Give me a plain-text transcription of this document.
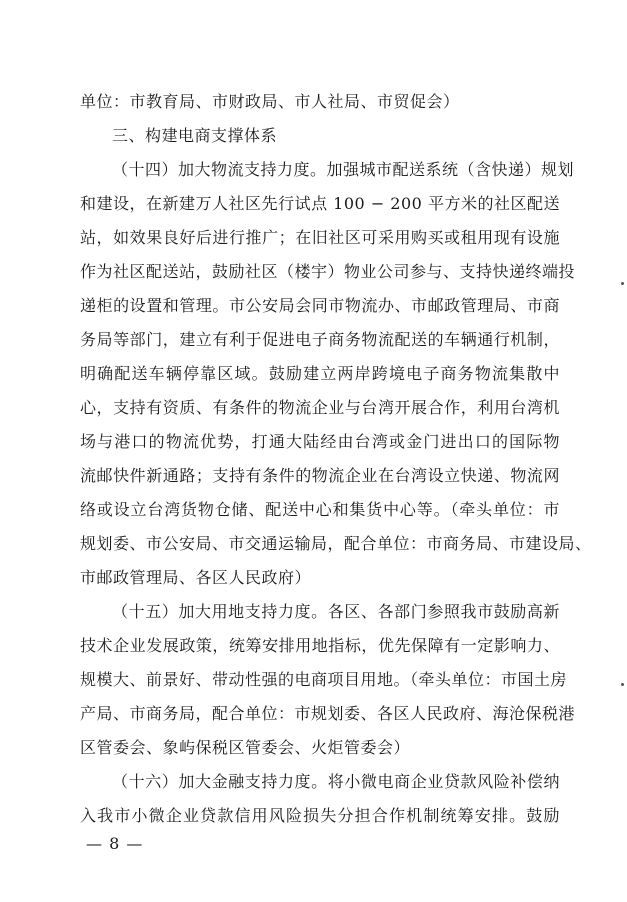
单位：市教育局、市财政局、市人社局、市贸促会）
三、构建电商支撑体系
（十四）加大物流支持力度。加强城市配送系统（含快递）规划
和建设，在新建万人社区先行试点 100 − 200 平方米的社区配送
站，如效果良好后进行推广；在旧社区可采用购买或租用现有设施
作为社区配送站，鼓励社区（楼宇）物业公司参与、支持快递终端投
递柜的设置和管理。市公安局会同市物流办、市邮政管理局、市商
务局等部门，建立有利于促进电子商务物流配送的车辆通行机制，
明确配送车辆停靠区域。鼓励建立两岸跨境电子商务物流集散中
心，支持有资质、有条件的物流企业与台湾开展合作，利用台湾机
场与港口的物流优势，打通大陆经由台湾或金门进出口的国际物
流邮快件新通路；支持有条件的物流企业在台湾设立快递、物流网
络或设立台湾货物仓储、配送中心和集货中心等。（牵头单位：市
规划委、市公安局、市交通运输局，配合单位：市商务局、市建设局、
市邮政管理局、各区人民政府）
（十五）加大用地支持力度。各区、各部门参照我市鼓励高新
技术企业发展政策，统筹安排用地指标，优先保障有一定影响力、
规模大、前景好、带动性强的电商项目用地。（牵头单位：市国土房
产局、市商务局，配合单位：市规划委、各区人民政府、海沧保税港
区管委会、象屿保税区管委会、火炬管委会）
（十六）加大金融支持力度。将小微电商企业贷款风险补偿纳
入我市小微企业贷款信用风险损失分担合作机制统筹安排。鼓励
— 8 —
